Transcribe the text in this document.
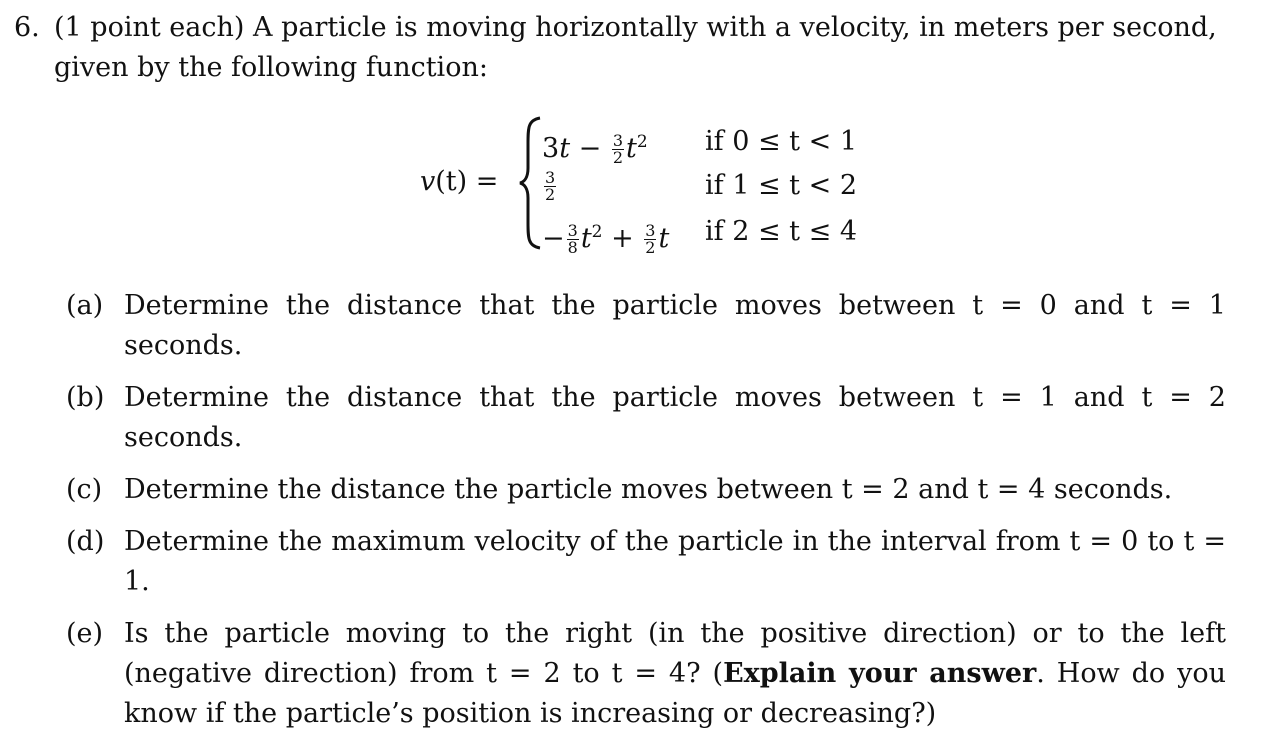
6. (1 point each) A particle is moving horizontally with a velocity, in meters per second,
given by the following function:
v(t) =
$3t - \frac{3}{2} t^2$ if 0 ≤ t < 1
$\frac{3}{2}$	if 1 ≤ t < 2
− $\frac{3}{8} t^2 + \frac{3}{2}$ t if 2 ≤ t ≤ 4
(a) Determine the distance that the particle moves between t = 0 and t = 1 seconds.
(b) Determine the distance that the particle moves between t = 1 and t = 2 seconds.
(c) Determine the distance the particle moves between t = 2 and t = 4 seconds.
(d) Determine the maximum velocity of the particle in the interval from t = 0 to t = 1.
(e) Is the particle moving to the right (in the positive direction) or to the left (negative direction) from t = 2 to t = 4? (Explain your answer. How do you know if the particle’s position is increasing or decreasing?)
